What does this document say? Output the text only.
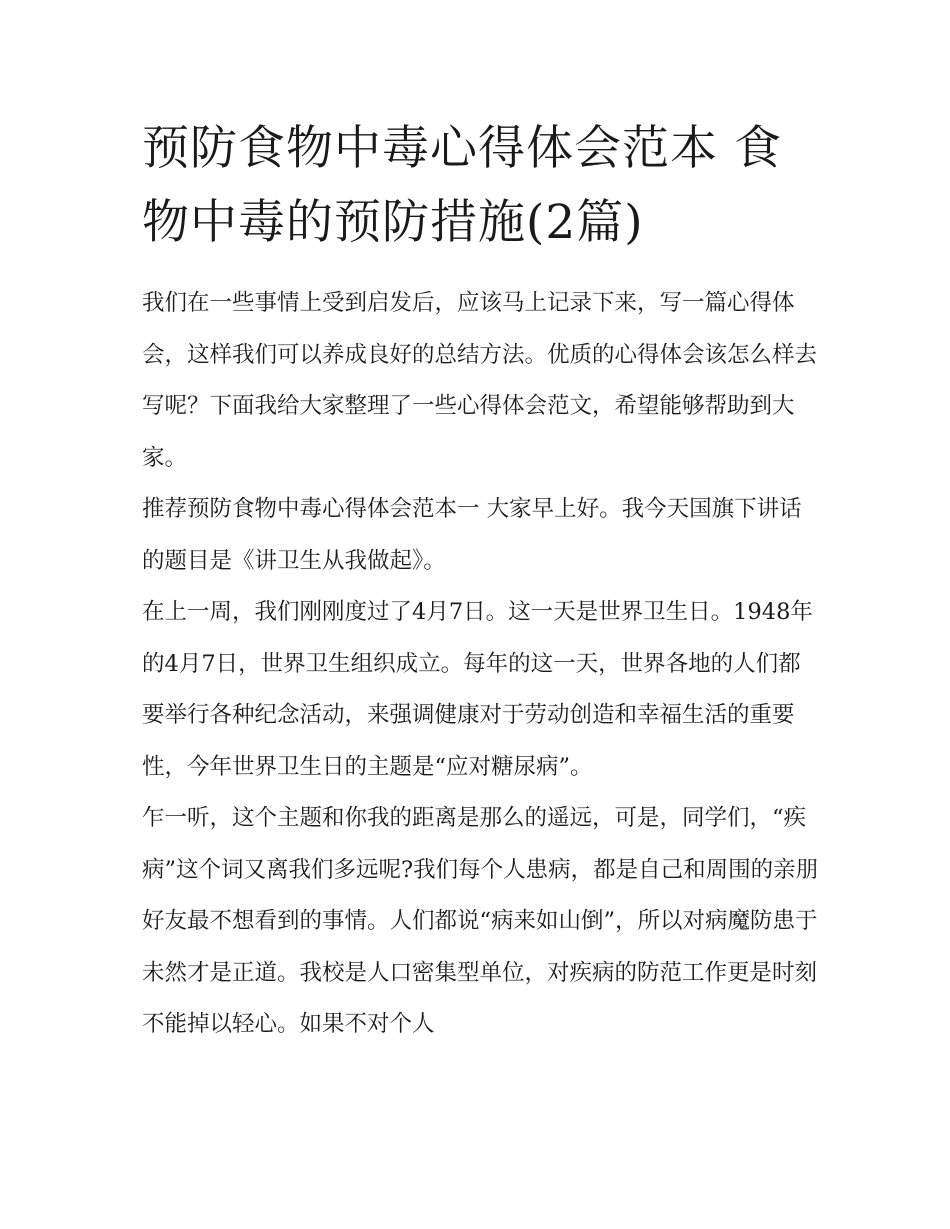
预防食物中毒心得体会范本 食物中毒的预防措施(2篇)

我们在一些事情上受到启发后，应该马上记录下来，写一篇心得体会，这样我们可以养成良好的总结方法。优质的心得体会该怎么样去写呢？下面我给大家整理了一些心得体会范文，希望能够帮助到大家。

推荐预防食物中毒心得体会范本一 大家早上好。我今天国旗下讲话的题目是《讲卫生从我做起》。

在上一周，我们刚刚度过了4月7日。这一天是世界卫生日。1948年的4月7日，世界卫生组织成立。每年的这一天，世界各地的人们都要举行各种纪念活动，来强调健康对于劳动创造和幸福生活的重要性，今年世界卫生日的主题是“应对糖尿病”。

乍一听，这个主题和你我的距离是那么的遥远，可是，同学们，“疾病”这个词又离我们多远呢?我们每个人患病，都是自己和周围的亲朋好友最不想看到的事情。人们都说“病来如山倒”，所以对病魔防患于未然才是正道。我校是人口密集型单位，对疾病的防范工作更是时刻不能掉以轻心。如果不对个人
